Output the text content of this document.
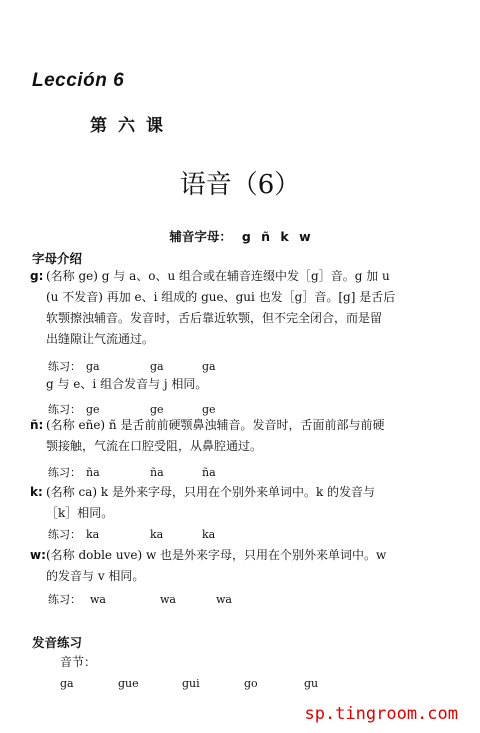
Lección 6
第六课
语音（6）
辅音字母： g ñ k w
字母介绍
g: (名称 ge) g 与 a、o、u 组合或在辅音连缀中发［g］音。g 加 u
(u 不发音) 再加 e、i 组成的 gue、gui 也发［g］音。[g] 是舌后
软颚擦浊辅音。发音时，舌后靠近软颚，但不完全闭合，而是留
出缝隙让气流通过。
练习： ga	ga	ga
g 与 e、i 组合发音与 j 相同。
练习： ge	ge	ge
ñ: (名称 eñe) ñ 是舌前前硬颚鼻浊辅音。发音时，舌面前部与前硬
颚接触，气流在口腔受阻，从鼻腔通过。
练习： ña	ña	ña
k: (名称 ca) k 是外来字母，只用在个别外来单词中。k 的发音与
［k］相同。
练习： ka	ka	ka
w:(名称 doble uve) w 也是外来字母，只用在个别外来单词中。w
的发音与 v 相同。
练习： wa	wa	wa
发音练习
音节：
ga	gue	gui	go	gu
sp.tingroom.com
